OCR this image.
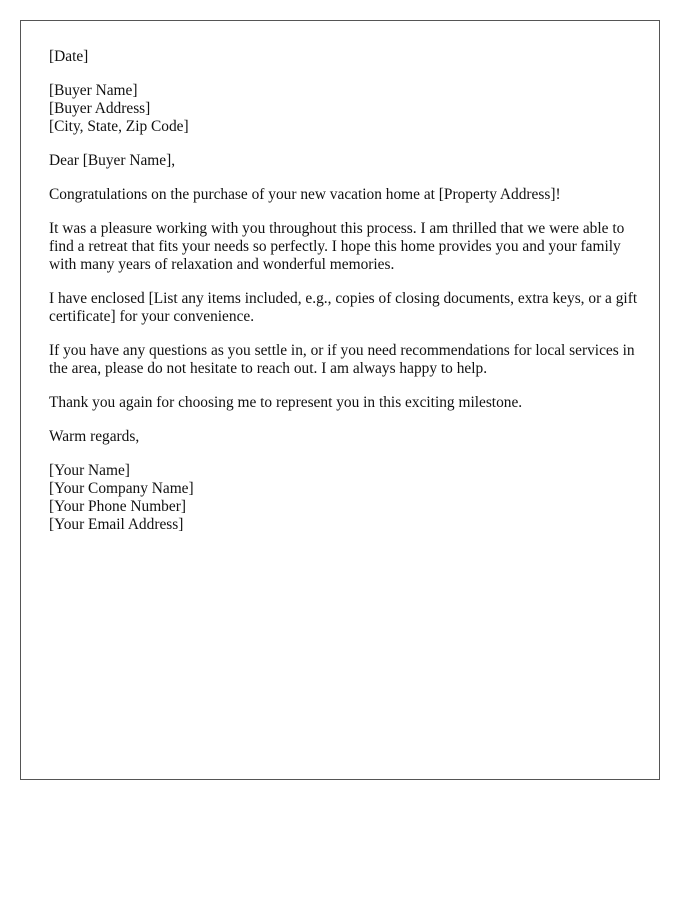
[Date]
[Buyer Name]
[Buyer Address]
[City, State, Zip Code]
Dear [Buyer Name],
Congratulations on the purchase of your new vacation home at [Property Address]!
It was a pleasure working with you throughout this process. I am thrilled that we were able to find a retreat that fits your needs so perfectly. I hope this home provides you and your family with many years of relaxation and wonderful memories.
I have enclosed [List any items included, e.g., copies of closing documents, extra keys, or a gift certificate] for your convenience.
If you have any questions as you settle in, or if you need recommendations for local services in the area, please do not hesitate to reach out. I am always happy to help.
Thank you again for choosing me to represent you in this exciting milestone.
Warm regards,
[Your Name]
[Your Company Name]
[Your Phone Number]
[Your Email Address]
